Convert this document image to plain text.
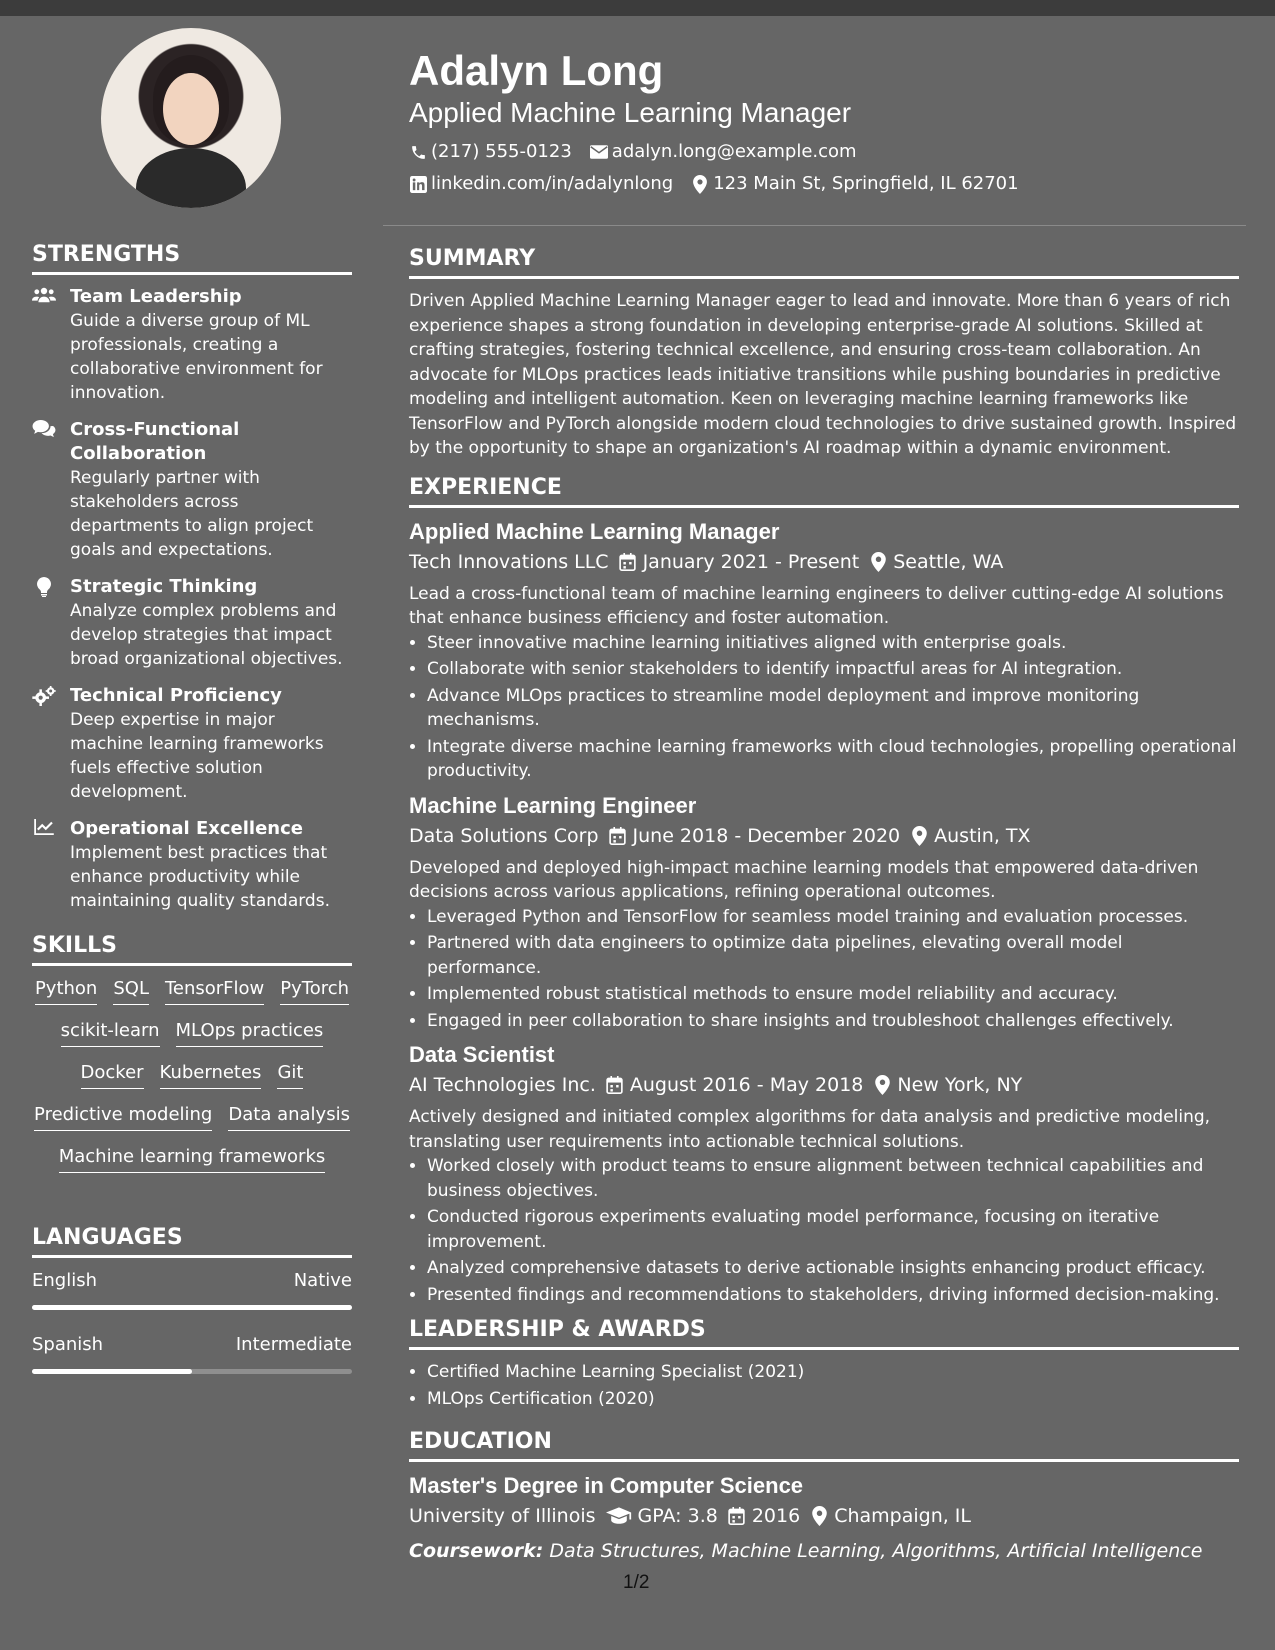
STRENGTHS
Team Leadership
Guide a diverse group of ML professionals, creating a collaborative environment for innovation.
Cross-Functional Collaboration
Regularly partner with stakeholders across departments to align project goals and expectations.
Strategic Thinking
Analyze complex problems and develop strategies that impact broad organizational objectives.
Technical Proficiency
Deep expertise in major machine learning frameworks fuels effective solution development.
Operational Excellence
Implement best practices that enhance productivity while maintaining quality standards.
SKILLS
Python SQL TensorFlow PyTorch
scikit-learn MLOps practices
Docker Kubernetes Git
Predictive modeling Data analysis
Machine learning frameworks
LANGUAGES
English	Native
Spanish	Intermediate
Adalyn Long
Applied Machine Learning Manager
(217) 555-0123 adalyn.long@example.com
linkedin.com/in/adalynlong 123 Main St, Springfield, IL 62701
SUMMARY

Driven Applied Machine Learning Manager eager to lead and innovate. More than 6 years of rich experience shapes a strong foundation in developing enterprise-grade AI solutions. Skilled at crafting strategies, fostering technical excellence, and ensuring cross-team collaboration. An advocate for MLOps practices leads initiative transitions while pushing boundaries in predictive modeling and intelligent automation. Keen on leveraging machine learning frameworks like TensorFlow and PyTorch alongside modern cloud technologies to drive sustained growth. Inspired by the opportunity to shape an organization's AI roadmap within a dynamic environment.

EXPERIENCE
Applied Machine Learning Manager
Tech Innovations LLC January 2021 - Present Seattle, WA

Lead a cross-functional team of machine learning engineers to deliver cutting-edge AI solutions that enhance business efficiency and foster automation.

• Steer innovative machine learning initiatives aligned with enterprise goals.
• Collaborate with senior stakeholders to identify impactful areas for AI integration.
• Advance MLOps practices to streamline model deployment and improve monitoring mechanisms.
• Integrate diverse machine learning frameworks with cloud technologies, propelling operational productivity.
Machine Learning Engineer
Data Solutions Corp June 2018 - December 2020 Austin, TX

Developed and deployed high-impact machine learning models that empowered data-driven decisions across various applications, refining operational outcomes.

• Leveraged Python and TensorFlow for seamless model training and evaluation processes.
• Partnered with data engineers to optimize data pipelines, elevating overall model performance.
• Implemented robust statistical methods to ensure model reliability and accuracy.
• Engaged in peer collaboration to share insights and troubleshoot challenges effectively.
Data Scientist
AI Technologies Inc. August 2016 - May 2018 New York, NY

Actively designed and initiated complex algorithms for data analysis and predictive modeling, translating user requirements into actionable technical solutions.

• Worked closely with product teams to ensure alignment between technical capabilities and business objectives.
• Conducted rigorous experiments evaluating model performance, focusing on iterative improvement.
• Analyzed comprehensive datasets to derive actionable insights enhancing product efficacy.
• Presented findings and recommendations to stakeholders, driving informed decision-making.
LEADERSHIP & AWARDS
• Certified Machine Learning Specialist (2021)
• MLOps Certification (2020)
EDUCATION
Master's Degree in Computer Science
University of Illinois GPA: 3.8 2016 Champaign, IL
Coursework: Data Structures, Machine Learning, Algorithms, Artificial Intelligence
1/2
